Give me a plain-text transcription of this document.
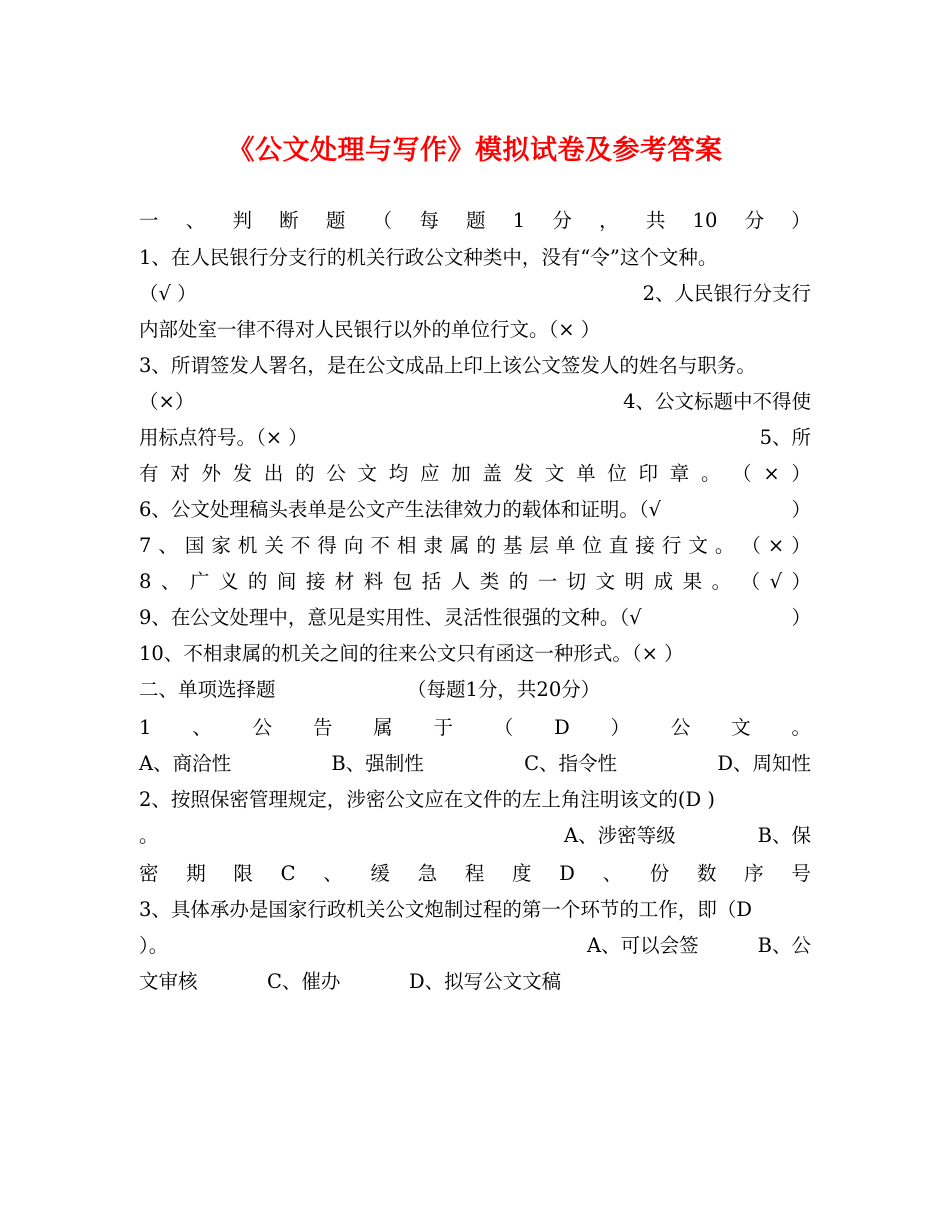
《公文处理与写作》模拟试卷及参考答案
一 、 判 断 题 （ 每 题 1 分 ， 共 10 分 ）
1、在人民银行分支行的机关行政公文种类中，没有“令”这个文种。
（√ ）	2、人民银行分支行
内部处室一律不得对人民银行以外的单位行文。（× ）
3、所谓签发人署名，是在公文成品上印上该公文签发人的姓名与职务。
（×）	4、公文标题中不得使
用标点符号。（× ）	5、所
有 对 外 发 出 的 公 文 均 应 加 盖 发 文 单 位 印 章 。 （ × ）
6、公文处理稿头表单是公文产生法律效力的载体和证明。（√	）
7 、 国 家 机 关 不 得 向 不 相 隶 属 的 基 层 单 位 直 接 行 文 。 （ × ）
8 、 广 义 的 间 接 材 料 包 括 人 类 的 一 切 文 明 成 果 。 （ √ ）
9、在公文处理中，意见是实用性、灵活性很强的文种。（√	）
10、不相隶属的机关之间的往来公文只有函这一种形式。（× ）
二、单项选择题	（每题1分，共20分）
1 、 公 告 属 于 （ D ） 公 文 。
A、商洽性	B、强制性	C、指令性	D、周知性
2、按照保密管理规定，涉密公文应在文件的左上角注明该文的(D )
。	A、涉密等级	B、保
密 期 限 C 、 缓 急 程 度 D 、 份 数 序 号
3、具体承办是国家行政机关公文炮制过程的第一个环节的工作，即（D
）。	A、可以会签	B、公
文审核	C、催办	D、拟写公文文稿
